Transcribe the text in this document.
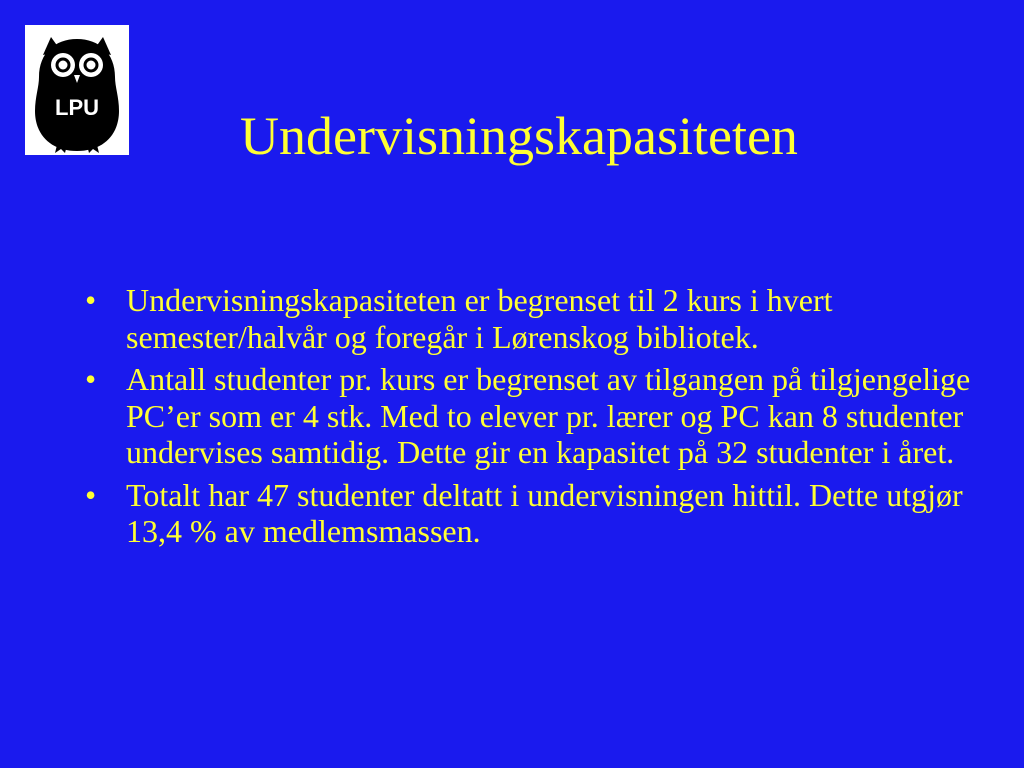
LPU	Undervisningskapasiteten
• Undervisningskapasiteten er begrenset til 2 kurs i hvert semester/halvår og foregår i Lørenskog bibliotek.
• Antall studenter pr. kurs er begrenset av tilgangen på tilgjengelige PC’er som er 4 stk. Med to elever pr. lærer og PC kan 8 studenter undervises samtidig. Dette gir en kapasitet på 32 studenter i året.
• Totalt har 47 studenter deltatt i undervisningen hittil. Dette utgjør 13,4 % av medlemsmassen.
